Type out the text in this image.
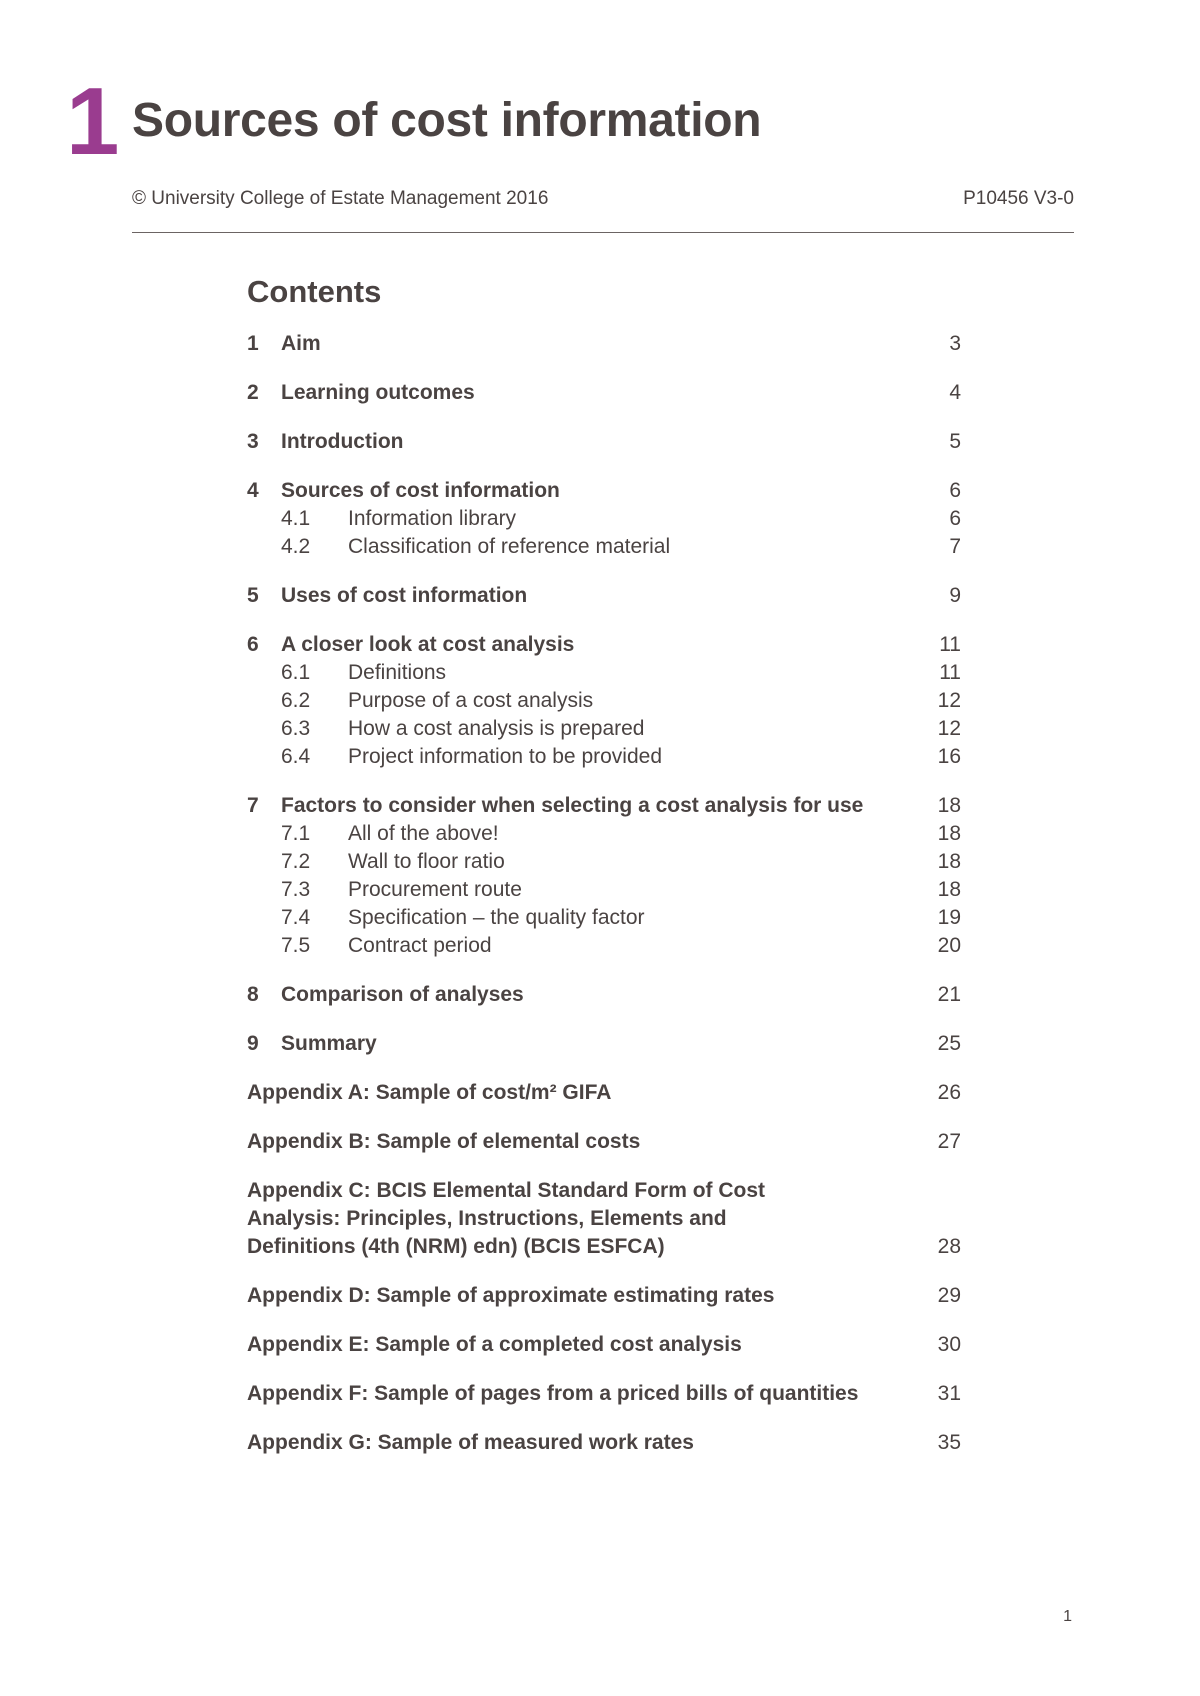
1 Sources of cost information
© University College of Estate Management 2016	P10456 V3-0
Contents
1	Aim	3
2	Learning outcomes	4
3	Introduction	5
4	Sources of cost information	6
4.1	Information library	6
4.2	Classification of reference material	7
5	Uses of cost information	9
6	A closer look at cost analysis	11
6.1	Definitions	11
6.2	Purpose of a cost analysis	12
6.3	How a cost analysis is prepared	12
6.4	Project information to be provided	16
7	Factors to consider when selecting a cost analysis for use	18
7.1	All of the above!	18
7.2	Wall to floor ratio	18
7.3	Procurement route	18
7.4	Specification – the quality factor	19
7.5	Contract period	20
8	Comparison of analyses	21
9	Summary	25
Appendix A: Sample of cost/m² GIFA	26
Appendix B: Sample of elemental costs	27
Appendix C: BCIS Elemental Standard Form of Cost Analysis: Principles, Instructions, Elements and Definitions (4th (NRM) edn) (BCIS ESFCA)	28
Appendix D: Sample of approximate estimating rates	29
Appendix E: Sample of a completed cost analysis	30
Appendix F: Sample of pages from a priced bills of quantities	31
Appendix G: Sample of measured work rates	35
1
